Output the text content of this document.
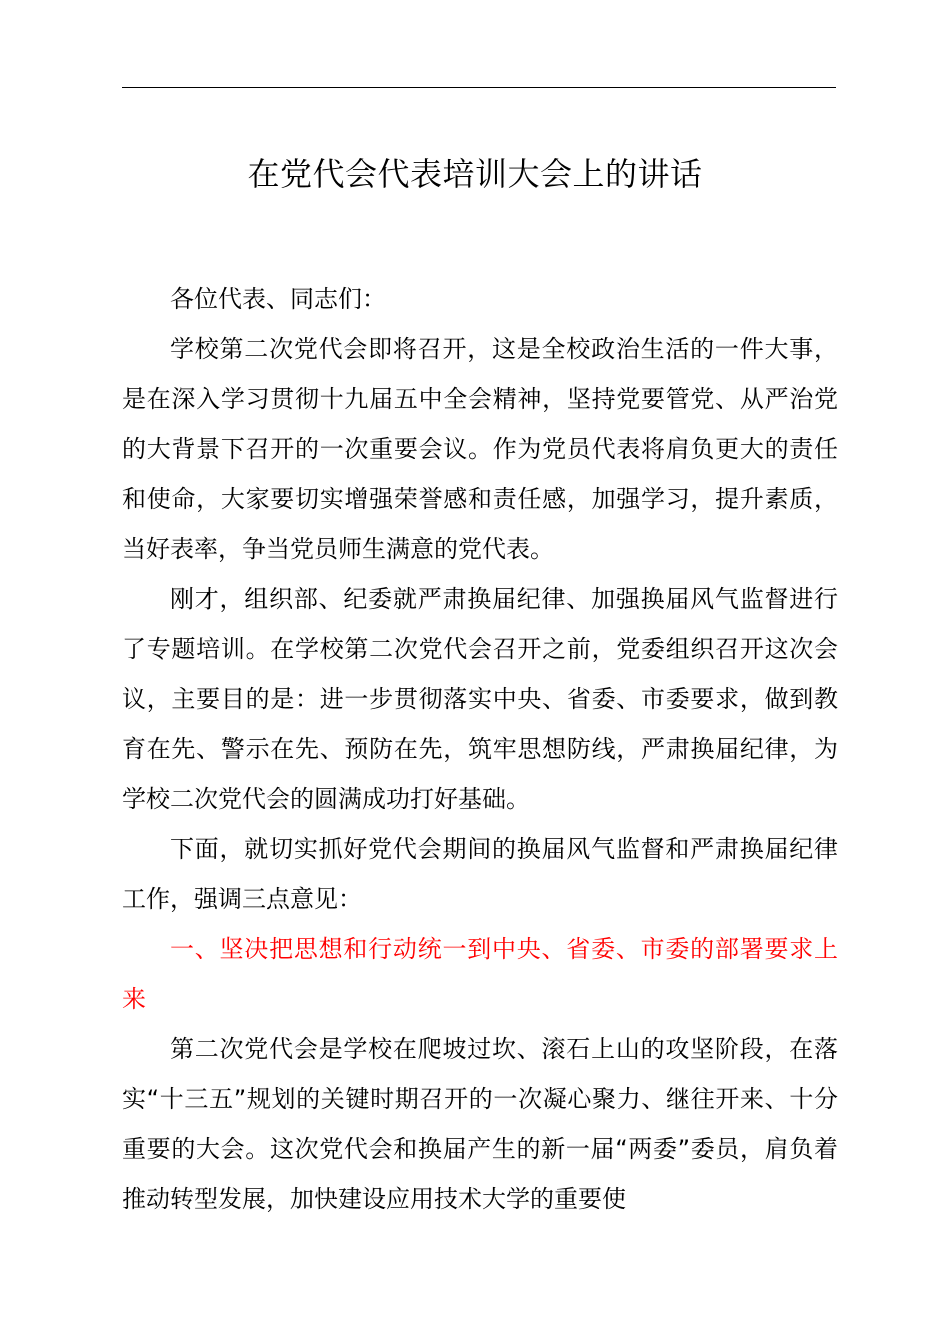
在党代会代表培训大会上的讲话

各位代表、同志们：

学校第二次党代会即将召开，这是全校政治生活的一件大事，是在深入学习贯彻十九届五中全会精神，坚持党要管党、从严治党的大背景下召开的一次重要会议。作为党员代表将肩负更大的责任和使命，大家要切实增强荣誉感和责任感，加强学习，提升素质，当好表率，争当党员师生满意的党代表。

刚才，组织部、纪委就严肃换届纪律、加强换届风气监督进行了专题培训。在学校第二次党代会召开之前，党委组织召开这次会议，主要目的是：进一步贯彻落实中央、省委、市委要求，做到教育在先、警示在先、预防在先，筑牢思想防线，严肃换届纪律，为学校二次党代会的圆满成功打好基础。

下面，就切实抓好党代会期间的换届风气监督和严肃换届纪律工作，强调三点意见：

一、坚决把思想和行动统一到中央、省委、市委的部署要求上来

第二次党代会是学校在爬坡过坎、滚石上山的攻坚阶段，在落实“十三五”规划的关键时期召开的一次凝心聚力、继往开来、十分重要的大会。这次党代会和换届产生的新一届“两委”委员，肩负着推动转型发展，加快建设应用技术大学的重要使
